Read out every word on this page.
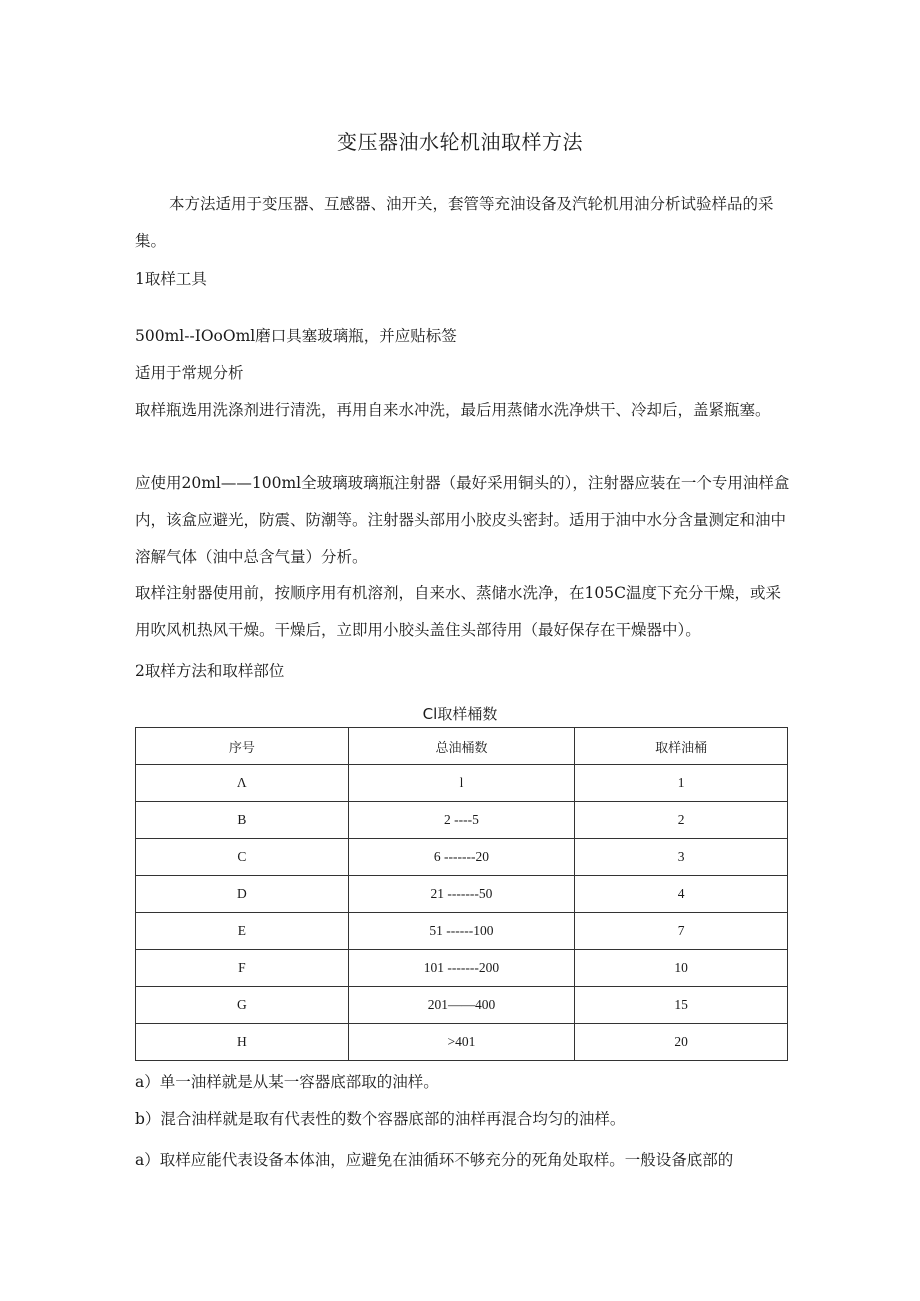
变压器油水轮机油取样方法

本方法适用于变压器、互感器、油开关，套管等充油设备及汽轮机用油分析试验样品的采集。

1取样工具

500ml--IOoOml磨口具塞玻璃瓶，并应贴标签

适用于常规分析

取样瓶选用洗涤剂进行清洗，再用自来水冲洗，最后用蒸储水洗净烘干、冷却后，盖紧瓶塞。

应使用20ml——100ml全玻璃玻璃瓶注射器（最好采用铜头的），注射器应装在一个专用油样盒内，该盒应避光，防震、防潮等。注射器头部用小胶皮头密封。适用于油中水分含量测定和油中溶解气体（油中总含气量）分析。

取样注射器使用前，按顺序用有机溶剂，自来水、蒸储水洗净，在105C温度下充分干燥，或采用吹风机热风干燥。干燥后，立即用小胶头盖住头部待用（最好保存在干燥器中）。

2取样方法和取样部位

Cl取样桶数
序号	总油桶数	取样油桶
Λ	l	1
B	2 ----5	2
C	6 -------20	3
D	21 -------50	4
E	51 ------100	7
F	101 -------200	10
G	201——400	15
H	>401	20

a）单一油样就是从某一容器底部取的油样。

b）混合油样就是取有代表性的数个容器底部的油样再混合均匀的油样。

a）取样应能代表设备本体油，应避免在油循环不够充分的死角处取样。一般设备底部的
